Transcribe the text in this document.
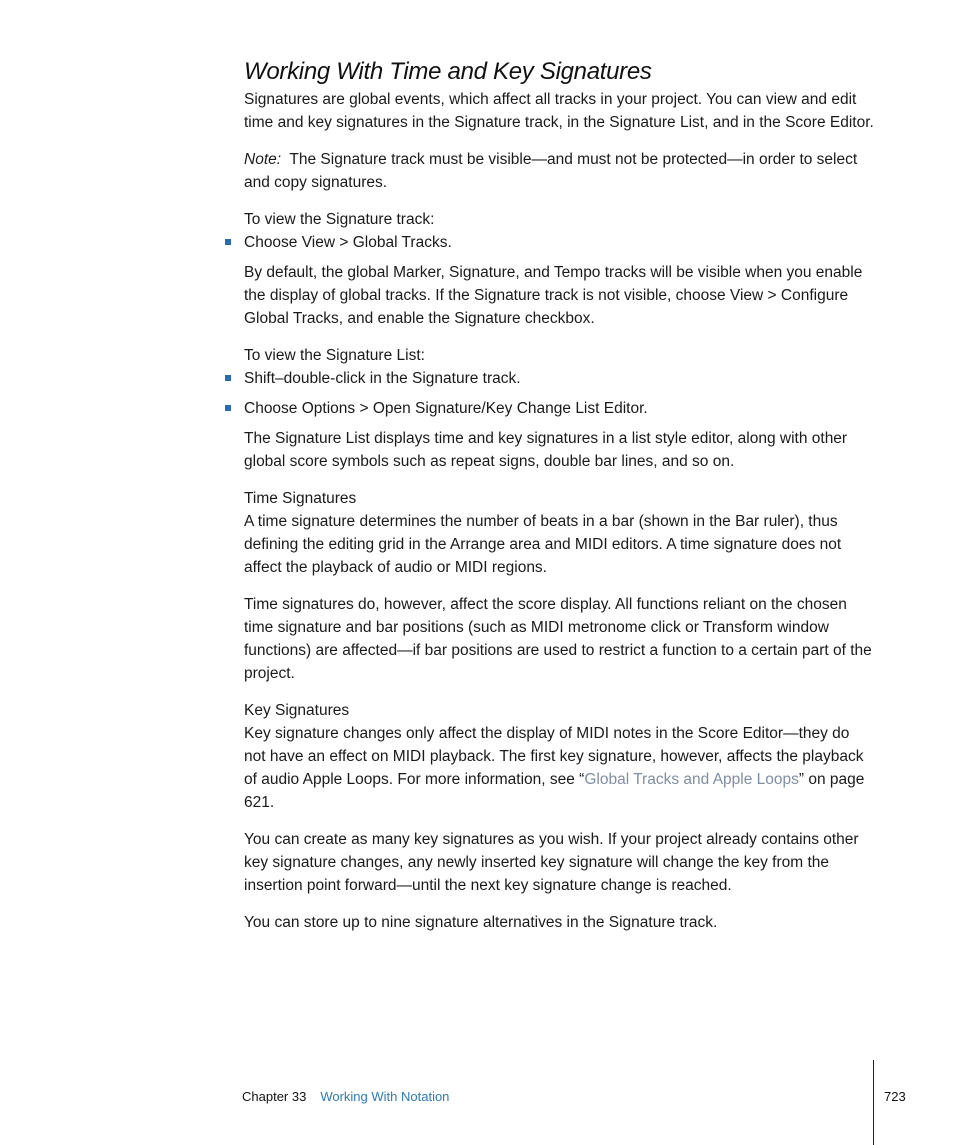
Working With Time and Key Signatures

Signatures are global events, which affect all tracks in your project. You can view and edit time and key signatures in the Signature track, in the Signature List, and in the Score Editor.

Note: The Signature track must be visible—and must not be protected—in order to select and copy signatures.

To view the Signature track:

Choose View > Global Tracks.

By default, the global Marker, Signature, and Tempo tracks will be visible when you enable the display of global tracks. If the Signature track is not visible, choose View > Configure Global Tracks, and enable the Signature checkbox.

To view the Signature List:

Shift–double-click in the Signature track.

Choose Options > Open Signature/Key Change List Editor.

The Signature List displays time and key signatures in a list style editor, along with other global score symbols such as repeat signs, double bar lines, and so on.

Time Signatures

A time signature determines the number of beats in a bar (shown in the Bar ruler), thus defining the editing grid in the Arrange area and MIDI editors. A time signature does not affect the playback of audio or MIDI regions.

Time signatures do, however, affect the score display. All functions reliant on the chosen time signature and bar positions (such as MIDI metronome click or Transform window functions) are affected—if bar positions are used to restrict a function to a certain part of the project.

Key Signatures

Key signature changes only affect the display of MIDI notes in the Score Editor—they do not have an effect on MIDI playback. The first key signature, however, affects the playback of audio Apple Loops. For more information, see “Global Tracks and Apple Loops” on page 621.

You can create as many key signatures as you wish. If your project already contains other key signature changes, any newly inserted key signature will change the key from the insertion point forward—until the next key signature change is reached.

You can store up to nine signature alternatives in the Signature track.

Chapter 33 Working With Notation	723
